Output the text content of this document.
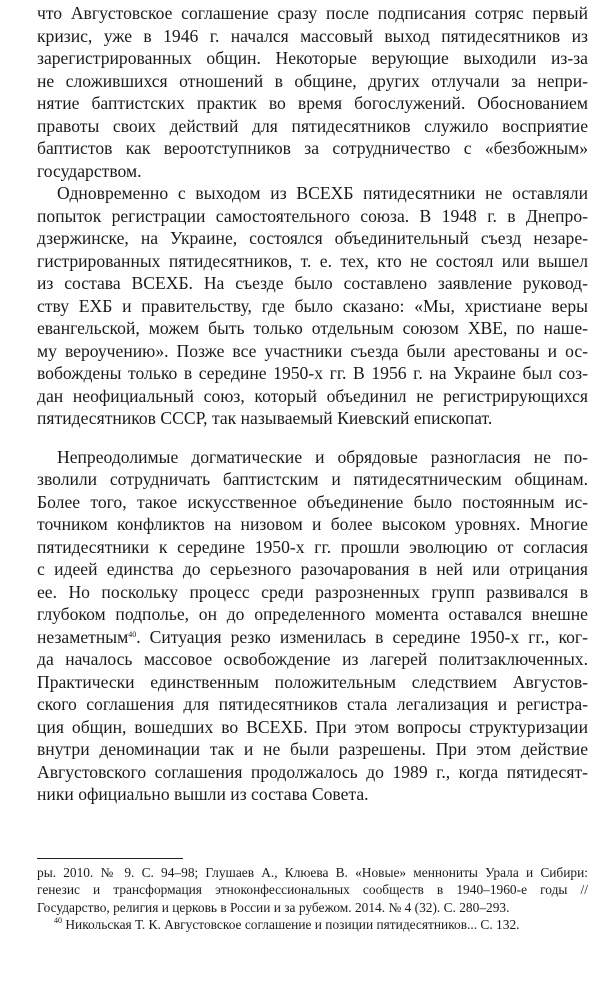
что Августовское соглашение сразу после подписания сотряс первый
кризис, уже в 1946 г. начался массовый выход пятидесятников из
зарегистрированных общин. Некоторые верующие выходили из-за
не сложившихся отношений в общине, других отлучали за непри-
нятие баптистских практик во время богослужений. Обоснованием
правоты своих действий для пятидесятников служило восприятие
баптистов как вероотступников за сотрудничество с «безбожным»
государством.
Одновременно с выходом из ВСЕХБ пятидесятники не оставляли
попыток регистрации самостоятельного союза. В 1948 г. в Днепро-
дзержинске, на Украине, состоялся объединительный съезд незаре-
гистрированных пятидесятников, т. е. тех, кто не состоял или вышел
из состава ВСЕХБ. На съезде было составлено заявление руковод-
ству ЕХБ и правительству, где было сказано: «Мы, христиане веры
евангельской, можем быть только отдельным союзом ХВЕ, по наше-
му вероучению». Позже все участники съезда были арестованы и ос-
вобождены только в середине 1950-х гг. В 1956 г. на Украине был соз-
дан неофициальный союз, который объединил не регистрирующихся
пятидесятников СССР, так называемый Киевский епископат.
Непреодолимые догматические и обрядовые разногласия не по-
зволили сотрудничать баптистским и пятидесятническим общинам.
Более того, такое искусственное объединение было постоянным ис-
точником конфликтов на низовом и более высоком уровнях. Многие
пятидесятники к середине 1950-х гг. прошли эволюцию от согласия
с идеей единства до серьезного разочарования в ней или отрицания
ее. Но поскольку процесс среди разрозненных групп развивался в
глубоком подполье, он до определенного момента оставался внешне
незаметным$^{40}$. Ситуация резко изменилась в середине 1950-х гг., ког-
да началось массовое освобождение из лагерей политзаключенных.
Практически единственным положительным следствием Августов-
ского соглашения для пятидесятников стала легализация и регистра-
ция общин, вошедших во ВСЕХБ. При этом вопросы структуризации
внутри деноминации так и не были разрешены. При этом действие
Августовского соглашения продолжалось до 1989 г., когда пятидесят-
ники официально вышли из состава Совета.
ры. 2010. № 9. С. 94–98; Глушаев А., Клюева В. «Новые» меннониты Урала и Сибири:
генезис и трансформация этноконфессиональных сообществ в 1940–1960-е годы //
Государство, религия и церковь в России и за рубежом. 2014. № 4 (32). С. 280–293.
$^{40}$ Никольская Т. К. Августовское соглашение и позиции пятидесятников... С. 132.
